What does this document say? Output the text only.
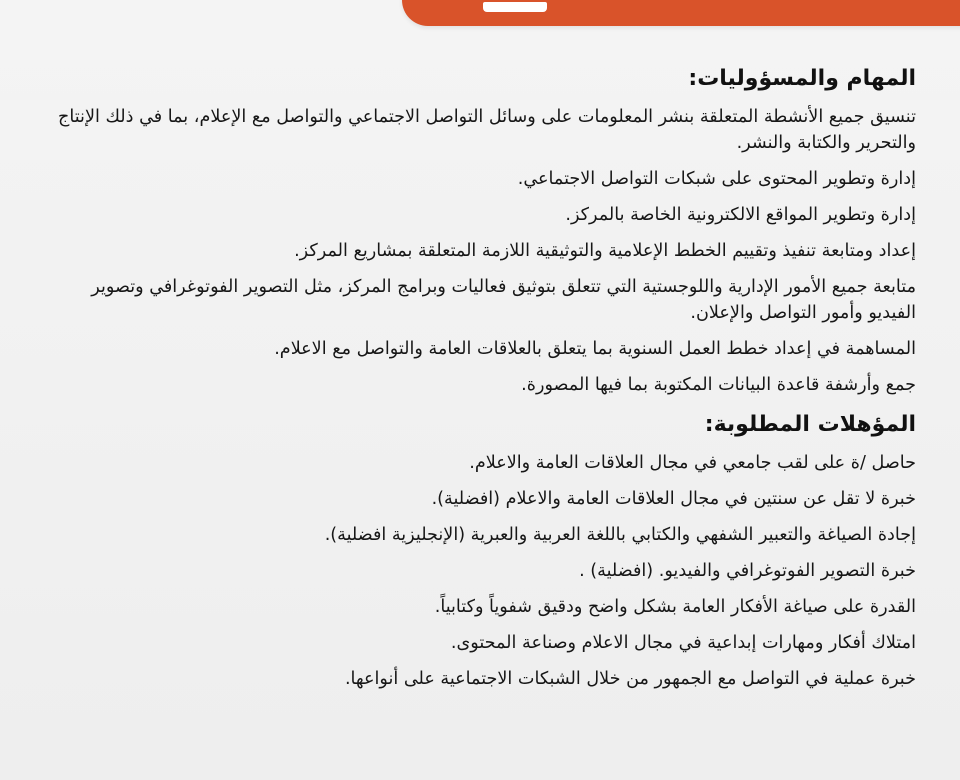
المهام والمسؤوليات:

تنسيق جميع الأنشطة المتعلقة بنشر المعلومات على وسائل التواصل الاجتماعي والتواصل مع الإعلام، بما في ذلك الإنتاج والتحرير والكتابة والنشر.

إدارة وتطوير المحتوى على شبكات التواصل الاجتماعي.

إدارة وتطوير المواقع الالكترونية الخاصة بالمركز.

إعداد ومتابعة تنفيذ وتقييم الخطط الإعلامية والتوثيقية اللازمة المتعلقة بمشاريع المركز.

متابعة جميع الأمور الإدارية واللوجستية التي تتعلق بتوثيق فعاليات وبرامج المركز، مثل التصوير الفوتوغرافي وتصوير الفيديو وأمور التواصل والإعلان.

المساهمة في إعداد خطط العمل السنوية بما يتعلق بالعلاقات العامة والتواصل مع الاعلام.

جمع وأرشفة قاعدة البيانات المكتوبة بما فيها المصورة.

المؤهلات المطلوبة:

حاصل /ة على لقب جامعي في مجال العلاقات العامة والاعلام.

خبرة لا تقل عن سنتين في مجال العلاقات العامة والاعلام (افضلية).

إجادة الصياغة والتعبير الشفهي والكتابي باللغة العربية والعبرية (الإنجليزية افضلية).

خبرة التصوير الفوتوغرافي والفيديو. (افضلية) .

القدرة على صياغة الأفكار العامة بشكل واضح ودقيق شفوياً وكتابياً.

امتلاك أفكار ومهارات إبداعية في مجال الاعلام وصناعة المحتوى.

خبرة عملية في التواصل مع الجمهور من خلال الشبكات الاجتماعية على أنواعها.
